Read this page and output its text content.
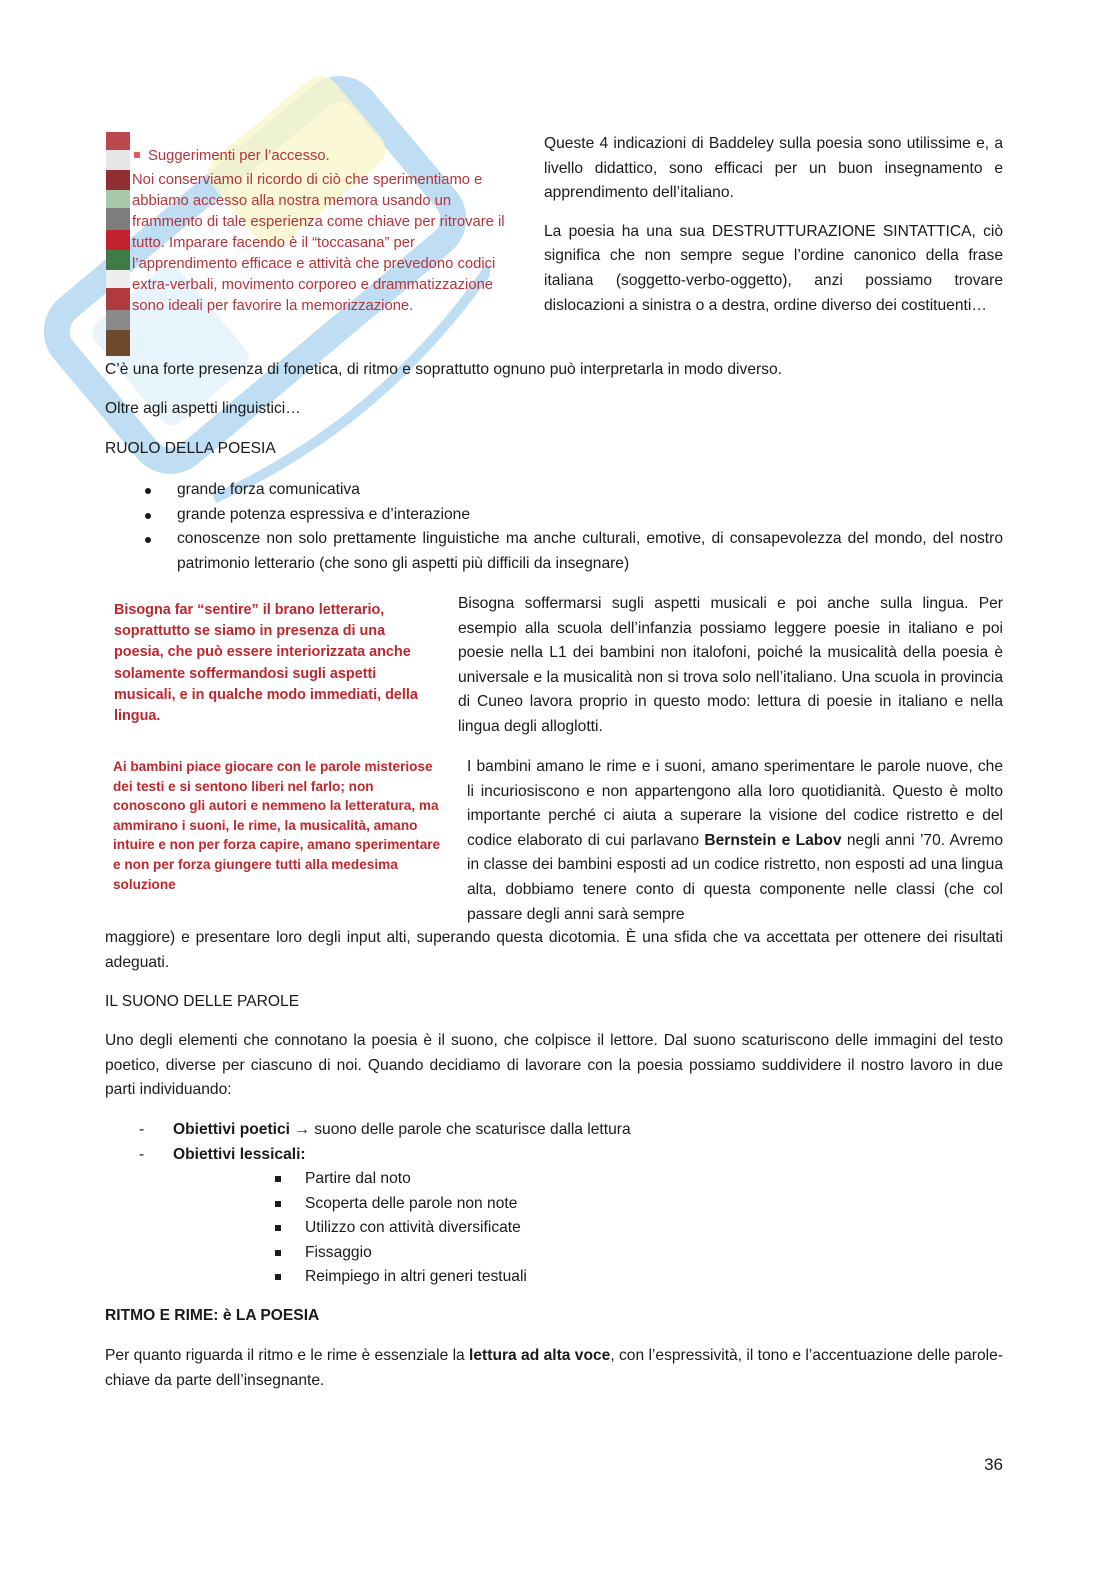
Suggerimenti per l’accesso.

Noi conserviamo il ricordo di ciò che sperimentiamo e abbiamo accesso alla nostra memora usando un frammento di tale esperienza come chiave per ritrovare il tutto. Imparare facendo è il “toccasana” per l’apprendimento efficace e attività che prevedono codici extra-verbali, movimento corporeo e drammatizzazione sono ideali per favorire la memorizzazione.

Queste 4 indicazioni di Baddeley sulla poesia sono utilissime e, a livello didattico, sono efficaci per un buon insegnamento e apprendimento dell’italiano.

La poesia ha una sua DESTRUTTURAZIONE SINTATTICA, ciò significa che non sempre segue l’ordine canonico della frase italiana (soggetto-verbo-oggetto), anzi possiamo trovare dislocazioni a sinistra o a destra, ordine diverso dei costituenti…

C’è una forte presenza di fonetica, di ritmo e soprattutto ognuno può interpretarla in modo diverso.

Oltre agli aspetti linguistici…

RUOLO DELLA POESIA

grande forza comunicativa
grande potenza espressiva e d’interazione
conoscenze non solo prettamente linguistiche ma anche culturali, emotive, di consapevolezza del mondo, del nostro patrimonio letterario (che sono gli aspetti più difficili da insegnare)

Bisogna far “sentire” il brano letterario, soprattutto se siamo in presenza di una poesia, che può essere interiorizzata anche solamente soffermandosi sugli aspetti musicali, e in qualche modo immediati, della lingua.

Ai bambini piace giocare con le parole misteriose dei testi e si sentono liberi nel farlo; non conoscono gli autori e nemmeno la letteratura, ma ammirano i suoni, le rime, la musicalità, amano intuire e non per forza capire, amano sperimentare e non per forza giungere tutti alla medesima soluzione

Bisogna soffermarsi sugli aspetti musicali e poi anche sulla lingua. Per esempio alla scuola dell’infanzia possiamo leggere poesie in italiano e poi poesie nella L1 dei bambini non italofoni, poiché la musicalità della poesia è universale e la musicalità non si trova solo nell’italiano. Una scuola in provincia di Cuneo lavora proprio in questo modo: lettura di poesie in italiano e nella lingua degli alloglotti.

I bambini amano le rime e i suoni, amano sperimentare le parole nuove, che li incuriosiscono e non appartengono alla loro quotidianità. Questo è molto importante perché ci aiuta a superare la visione del codice ristretto e del codice elaborato di cui parlavano Bernstein e Labov negli anni ’70. Avremo in classe dei bambini esposti ad un codice ristretto, non esposti ad una lingua alta, dobbiamo tenere conto di questa componente nelle classi (che col passare degli anni sarà sempre

maggiore) e presentare loro degli input alti, superando questa dicotomia. È una sfida che va accettata per ottenere dei risultati adeguati.

IL SUONO DELLE PAROLE

Uno degli elementi che connotano la poesia è il suono, che colpisce il lettore. Dal suono scaturiscono delle immagini del testo poetico, diverse per ciascuno di noi. Quando decidiamo di lavorare con la poesia possiamo suddividere il nostro lavoro in due parti individuando:

- Obiettivi poetici → suono delle parole che scaturisce dalla lettura
- Obiettivi lessicali:
Partire dal noto
Scoperta delle parole non note
Utilizzo con attività diversificate
Fissaggio
Reimpiego in altri generi testuali

RITMO E RIME: è LA POESIA

Per quanto riguarda il ritmo e le rime è essenziale la lettura ad alta voce, con l’espressività, il tono e l’accentuazione delle parole-chiave da parte dell’insegnante.

36
